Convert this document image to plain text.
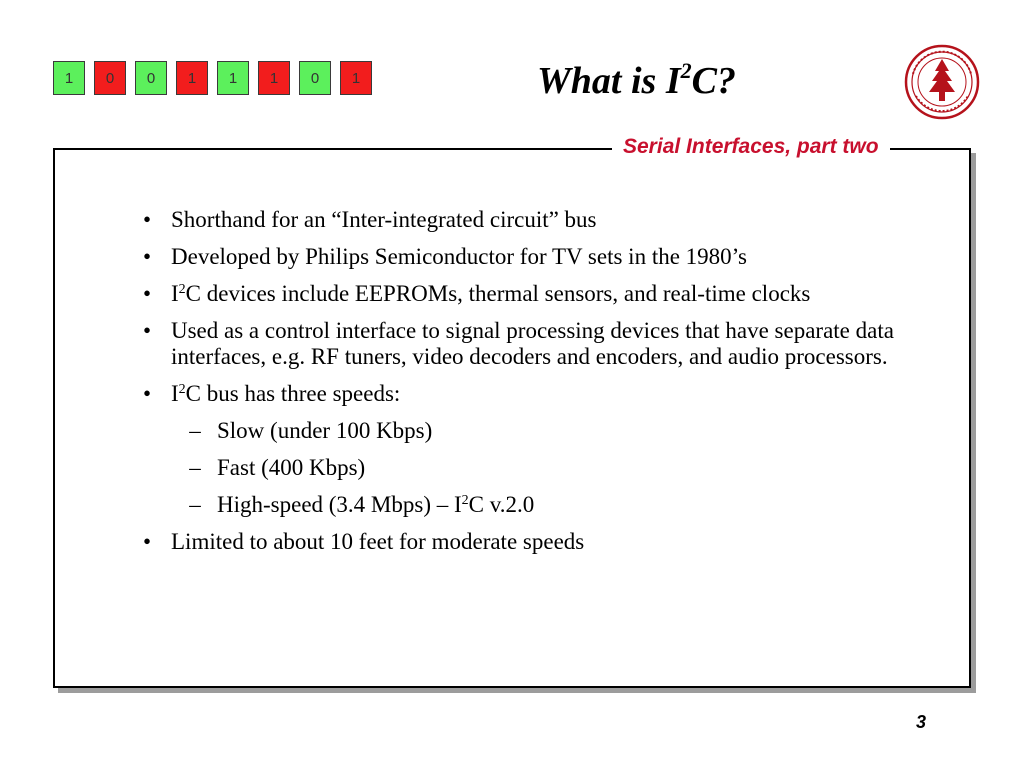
1	0	0	1	1	1	0	1	What is $I^2C$?
Serial Interfaces, part two
• Shorthand for an “Inter-integrated circuit” bus
• Developed by Philips Semiconductor for TV sets in the 1980’s
• $I^2C$ devices include EEPROMs, thermal sensors, and real-time clocks
• Used as a control interface to signal processing devices that have separate data interfaces, e.g. RF tuners, video decoders and encoders, and audio processors.
• $I^2C$ bus has three speeds:
– Slow (under 100 Kbps)
– Fast (400 Kbps)
– High-speed (3.4 Mbps) – $I^2C$ v.2.0
• Limited to about 10 feet for moderate speeds
3
